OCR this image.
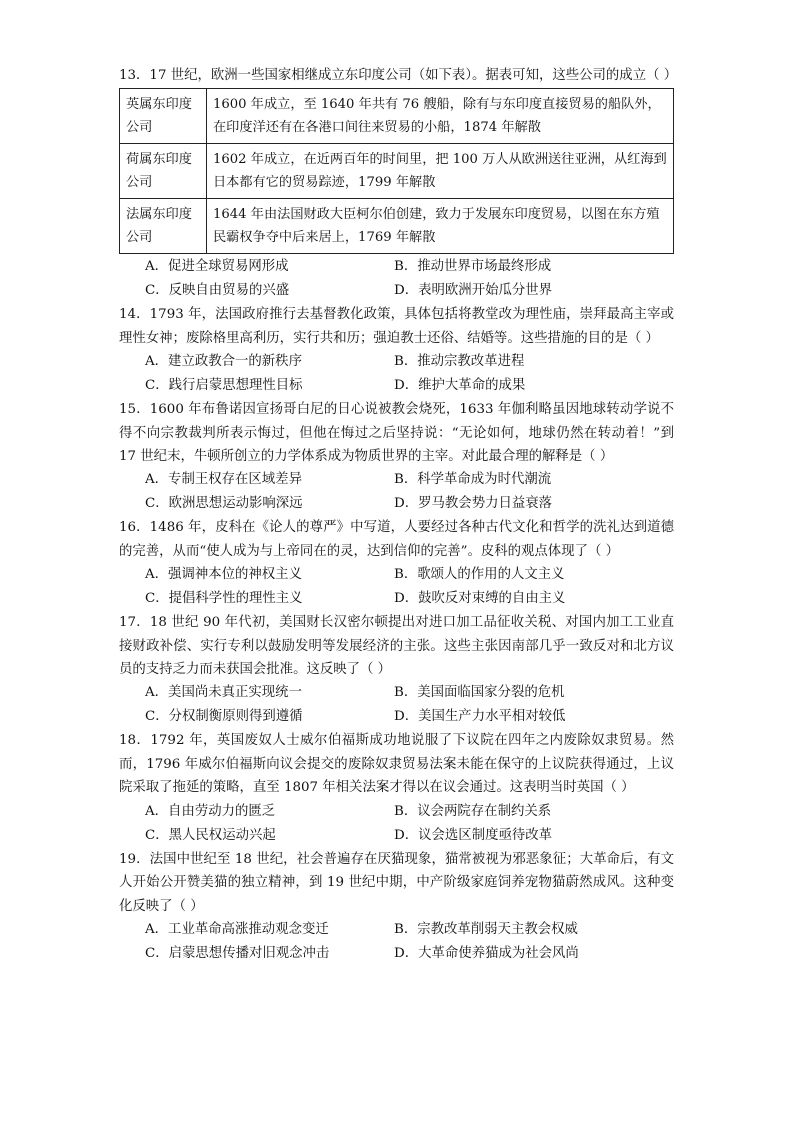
13．17 世纪，欧洲一些国家相继成立东印度公司（如下表）。据表可知，这些公司的成立（ ）
英属东印度公司	1600 年成立，至 1640 年共有 76 艘船，除有与东印度直接贸易的船队外，在印度洋还有在各港口间往来贸易的小船，1874 年解散
荷属东印度公司	1602 年成立，在近两百年的时间里，把 100 万人从欧洲送往亚洲，从红海到日本都有它的贸易踪迹，1799 年解散
法属东印度公司	1644 年由法国财政大臣柯尔伯创建，致力于发展东印度贸易，以图在东方殖民霸权争夺中后来居上，1769 年解散
A．促进全球贸易网形成	B．推动世界市场最终形成
C．反映自由贸易的兴盛	D．表明欧洲开始瓜分世界
14．1793 年，法国政府推行去基督教化政策，具体包括将教堂改为理性庙，崇拜最高主宰或理性女神；废除格里高利历，实行共和历；强迫教士还俗、结婚等。这些措施的目的是（ ）
A．建立政教合一的新秩序	B．推动宗教改革进程
C．践行启蒙思想理性目标	D．维护大革命的成果
15．1600 年布鲁诺因宣扬哥白尼的日心说被教会烧死，1633 年伽利略虽因地球转动学说不得不向宗教裁判所表示悔过，但他在悔过之后坚持说：“无论如何，地球仍然在转动着！”到 17 世纪末，牛顿所创立的力学体系成为物质世界的主宰。对此最合理的解释是（ ）
A．专制王权存在区域差异	B．科学革命成为时代潮流
C．欧洲思想运动影响深远	D．罗马教会势力日益衰落
16．1486 年，皮科在《论人的尊严》中写道，人要经过各种古代文化和哲学的洗礼达到道德的完善，从而“使人成为与上帝同在的灵，达到信仰的完善”。皮科的观点体现了（ ）
A．强调神本位的神权主义	B．歌颂人的作用的人文主义
C．提倡科学性的理性主义	D．鼓吹反对束缚的自由主义
17．18 世纪 90 年代初，美国财长汉密尔顿提出对进口加工品征收关税、对国内加工工业直接财政补偿、实行专利以鼓励发明等发展经济的主张。这些主张因南部几乎一致反对和北方议员的支持乏力而未获国会批准。这反映了（ ）
A．美国尚未真正实现统一	B．美国面临国家分裂的危机
C．分权制衡原则得到遵循	D．美国生产力水平相对较低
18．1792 年，英国废奴人士威尔伯福斯成功地说服了下议院在四年之内废除奴隶贸易。然而，1796 年威尔伯福斯向议会提交的废除奴隶贸易法案未能在保守的上议院获得通过，上议院采取了拖延的策略，直至 1807 年相关法案才得以在议会通过。这表明当时英国（ ）
A．自由劳动力的匮乏	B．议会两院存在制约关系
C．黑人民权运动兴起	D．议会选区制度亟待改革
19．法国中世纪至 18 世纪，社会普遍存在厌猫现象，猫常被视为邪恶象征；大革命后，有文人开始公开赞美猫的独立精神，到 19 世纪中期，中产阶级家庭饲养宠物猫蔚然成风。这种变化反映了（ ）
A．工业革命高涨推动观念变迁	B．宗教改革削弱天主教会权威
C．启蒙思想传播对旧观念冲击	D．大革命使养猫成为社会风尚
